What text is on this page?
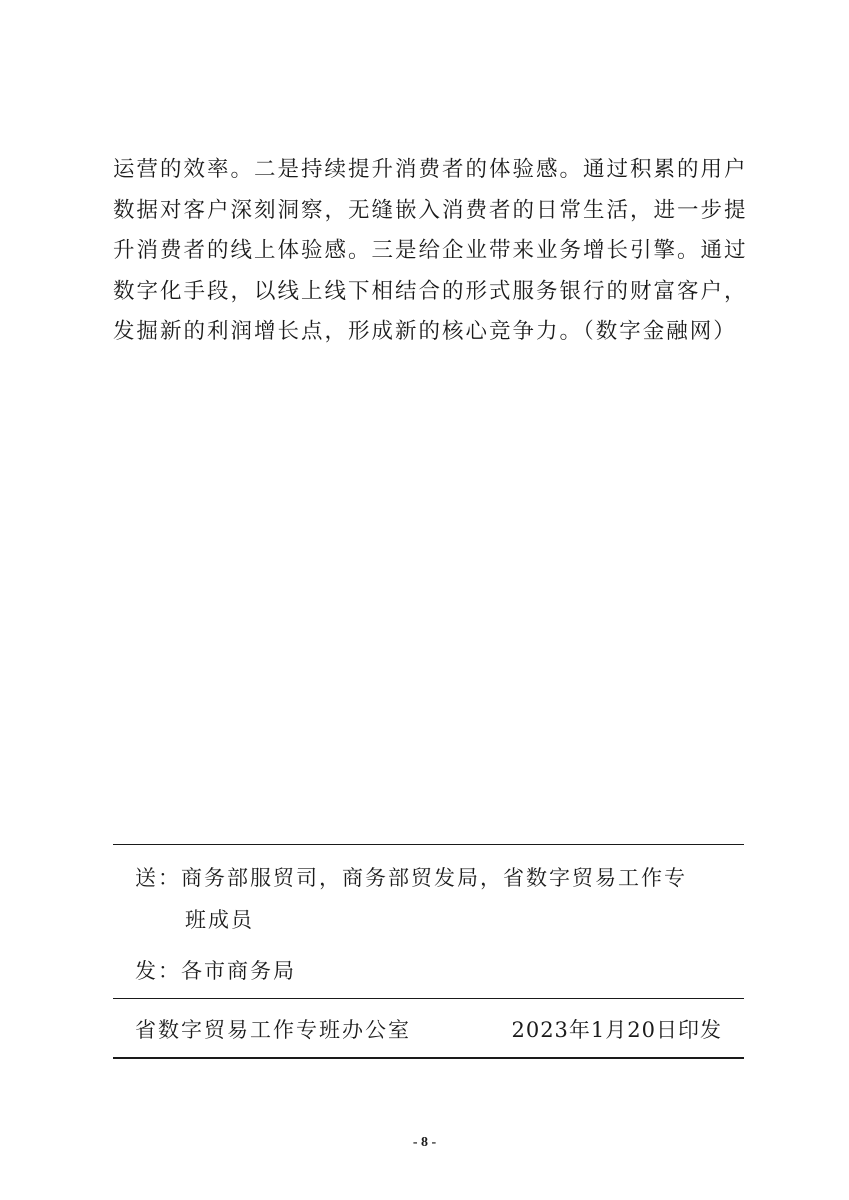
运营的效率。二是持续提升消费者的体验感。通过积累的用户
数据对客户深刻洞察，无缝嵌入消费者的日常生活，进一步提
升消费者的线上体验感。三是给企业带来业务增长引擎。通过
数字化手段，以线上线下相结合的形式服务银行的财富客户，
发掘新的利润增长点，形成新的核心竞争力。（数字金融网）
送：商务部服贸司，商务部贸发局，省数字贸易工作专
班成员
发：各市商务局
省数字贸易工作专班办公室	2023年1月20日印发
- 8 -
